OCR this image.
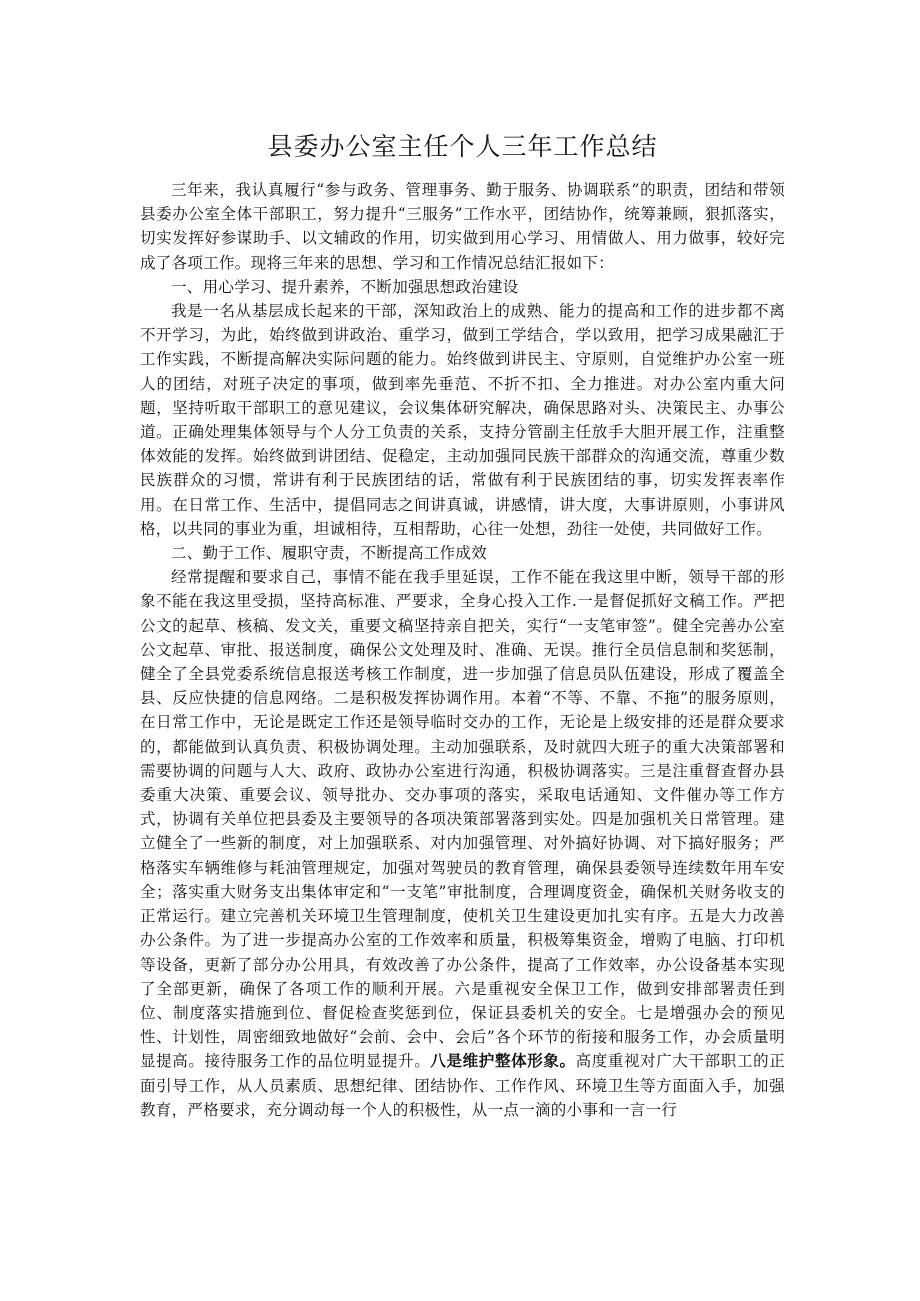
县委办公室主任个人三年工作总结

三年来，我认真履行“参与政务、管理事务、勤于服务、协调联系”的职责，团结和带领县委办公室全体干部职工，努力提升“三服务”工作水平，团结协作，统筹兼顾，狠抓落实，切实发挥好参谋助手、以文辅政的作用，切实做到用心学习、用情做人、用力做事，较好完成了各项工作。现将三年来的思想、学习和工作情况总结汇报如下：

一、用心学习、提升素养，不断加强思想政治建设

我是一名从基层成长起来的干部，深知政治上的成熟、能力的提高和工作的进步都不离不开学习，为此，始终做到讲政治、重学习，做到工学结合，学以致用，把学习成果融汇于工作实践，不断提高解决实际问题的能力。始终做到讲民主、守原则，自觉维护办公室一班人的团结，对班子决定的事项，做到率先垂范、不折不扣、全力推进。对办公室内重大问题，坚持听取干部职工的意见建议，会议集体研究解决，确保思路对头、决策民主、办事公道。正确处理集体领导与个人分工负责的关系，支持分管副主任放手大胆开展工作，注重整体效能的发挥。始终做到讲团结、促稳定，主动加强同民族干部群众的沟通交流，尊重少数民族群众的习惯，常讲有利于民族团结的话，常做有利于民族团结的事，切实发挥表率作用。在日常工作、生活中，提倡同志之间讲真诚，讲感情，讲大度，大事讲原则，小事讲风格，以共同的事业为重，坦诚相待，互相帮助，心往一处想，劲往一处使，共同做好工作。

二、勤于工作、履职守责，不断提高工作成效

经常提醒和要求自己，事情不能在我手里延误，工作不能在我这里中断，领导干部的形象不能在我这里受损，坚持高标准、严要求，全身心投入工作.一是督促抓好文稿工作。严把公文的起草、核稿、发文关，重要文稿坚持亲自把关，实行“一支笔审签”。健全完善办公室公文起草、审批、报送制度，确保公文处理及时、准确、无误。推行全员信息制和奖惩制，健全了全县党委系统信息报送考核工作制度，进一步加强了信息员队伍建设，形成了覆盖全县、反应快捷的信息网络。二是积极发挥协调作用。本着“不等、不靠、不拖”的服务原则，在日常工作中，无论是既定工作还是领导临时交办的工作，无论是上级安排的还是群众要求的，都能做到认真负责、积极协调处理。主动加强联系，及时就四大班子的重大决策部署和需要协调的问题与人大、政府、政协办公室进行沟通，积极协调落实。三是注重督查督办县委重大决策、重要会议、领导批办、交办事项的落实，采取电话通知、文件催办等工作方式，协调有关单位把县委及主要领导的各项决策部署落到实处。四是加强机关日常管理。建立健全了一些新的制度，对上加强联系、对内加强管理、对外搞好协调、对下搞好服务；严格落实车辆维修与耗油管理规定，加强对驾驶员的教育管理，确保县委领导连续数年用车安全；落实重大财务支出集体审定和“一支笔”审批制度，合理调度资金，确保机关财务收支的正常运行。建立完善机关环境卫生管理制度，使机关卫生建设更加扎实有序。五是大力改善办公条件。为了进一步提高办公室的工作效率和质量，积极筹集资金，增购了电脑、打印机等设备，更新了部分办公用具，有效改善了办公条件，提高了工作效率，办公设备基本实现了全部更新，确保了各项工作的顺利开展。六是重视安全保卫工作，做到安排部署责任到位、制度落实措施到位、督促检查奖惩到位，保证县委机关的安全。七是增强办会的预见性、计划性，周密细致地做好“会前、会中、会后”各个环节的衔接和服务工作，办会质量明显提高。接待服务工作的品位明显提升。八是维护整体形象。高度重视对广大干部职工的正面引导工作，从人员素质、思想纪律、团结协作、工作作风、环境卫生等方面面入手，加强教育，严格要求，充分调动每一个人的积极性，从一点一滴的小事和一言一行
